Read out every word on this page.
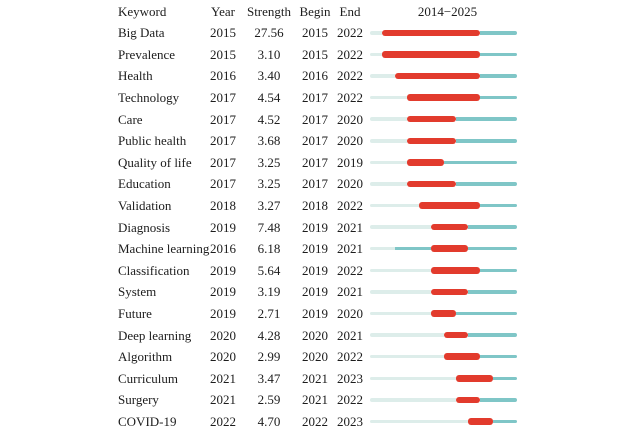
Keyword	Year Strength Begin End	2014−2025
Big Data	2015	27.56	2015 2022
Prevalence	2015	3.10	2015 2022
Health	2016	3.40	2016 2022
Technology	2017	4.54	2017 2022
Care	2017	4.52	2017 2020
Public health	2017	3.68	2017 2020
Quality of life	2017	3.25	2017 2019
Education	2017	3.25	2017 2020
Validation	2018	3.27	2018 2022
Diagnosis	2019	7.48	2019 2021
Machine learning 2016	6.18	2019 2021
Classification	2019	5.64	2019 2022
System	2019	3.19	2019 2021
Future	2019	2.71	2019 2020
Deep learning	2020	4.28	2020 2021
Algorithm	2020	2.99	2020 2022
Curriculum	2021	3.47	2021 2023
Surgery	2021	2.59	2021 2022
COVID-19	2022	4.70	2022 2023
